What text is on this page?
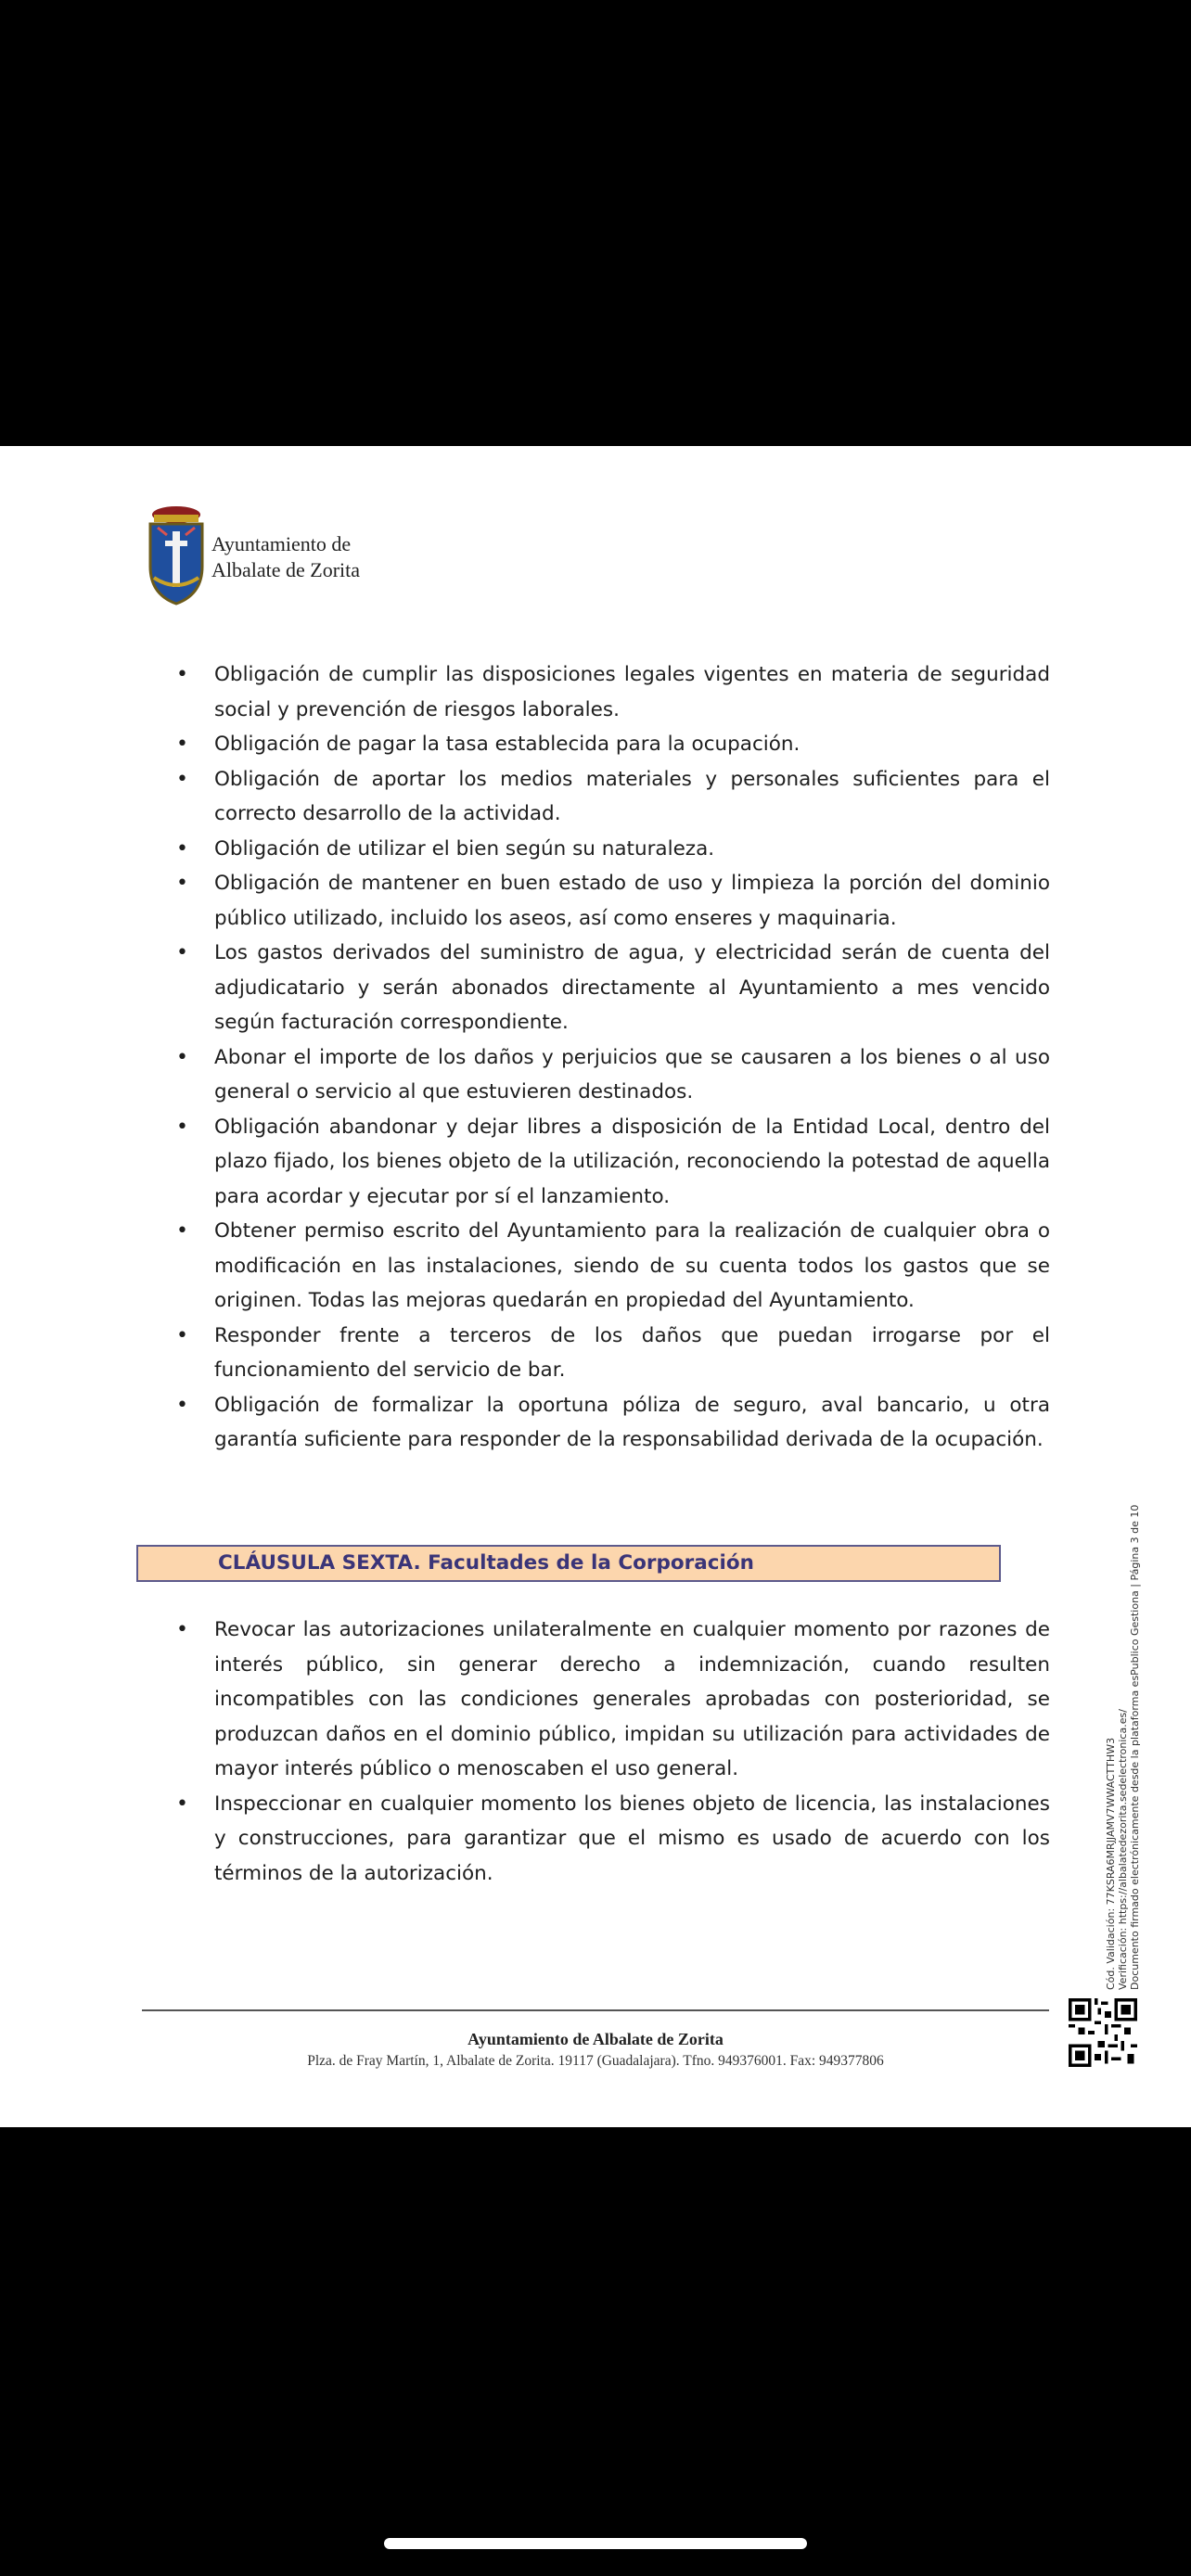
Ayuntamiento de
Albalate de Zorita
• Obligación de cumplir las disposiciones legales vigentes en materia de seguridad social y prevención de riesgos laborales.
• Obligación de pagar la tasa establecida para la ocupación.
• Obligación de aportar los medios materiales y personales suficientes para el correcto desarrollo de la actividad.
• Obligación de utilizar el bien según su naturaleza.
• Obligación de mantener en buen estado de uso y limpieza la porción del dominio público utilizado, incluido los aseos, así como enseres y maquinaria.
• Los gastos derivados del suministro de agua, y electricidad serán de cuenta del adjudicatario y serán abonados directamente al Ayuntamiento a mes vencido según facturación correspondiente.
• Abonar el importe de los daños y perjuicios que se causaren a los bienes o al uso general o servicio al que estuvieren destinados.
• Obligación abandonar y dejar libres a disposición de la Entidad Local, dentro del plazo fijado, los bienes objeto de la utilización, reconociendo la potestad de aquella para acordar y ejecutar por sí el lanzamiento.
• Obtener permiso escrito del Ayuntamiento para la realización de cualquier obra o modificación en las instalaciones, siendo de su cuenta todos los gastos que se originen. Todas las mejoras quedarán en propiedad del Ayuntamiento.
• Responder frente a terceros de los daños que puedan irrogarse por el funcionamiento del servicio de bar.
• Obligación de formalizar la oportuna póliza de seguro, aval bancario, u otra garantía suficiente para responder de la responsabilidad derivada de la ocupación.
CLÁUSULA SEXTA. Facultades de la Corporación
• Revocar las autorizaciones unilateralmente en cualquier momento por razones de interés público, sin generar derecho a indemnización, cuando resulten incompatibles con las condiciones generales aprobadas con posterioridad, se produzcan daños en el dominio público, impidan su utilización para actividades de mayor interés público o menoscaben el uso general.
• Inspeccionar en cualquier momento los bienes objeto de licencia, las instalaciones y construcciones, para garantizar que el mismo es usado de acuerdo con los términos de la autorización.	Cód. Validación: 77KSRA6MRJJAMV7WWACTTHW3 Verificación: https://albalatedezorita.sedelectronica.es/ Documento firmado electrónicamente desde la plataforma esPublico Gestiona | Página 3 de 10
Ayuntamiento de Albalate de Zorita
Plza. de Fray Martín, 1, Albalate de Zorita. 19117 (Guadalajara). Tfno. 949376001. Fax: 949377806
